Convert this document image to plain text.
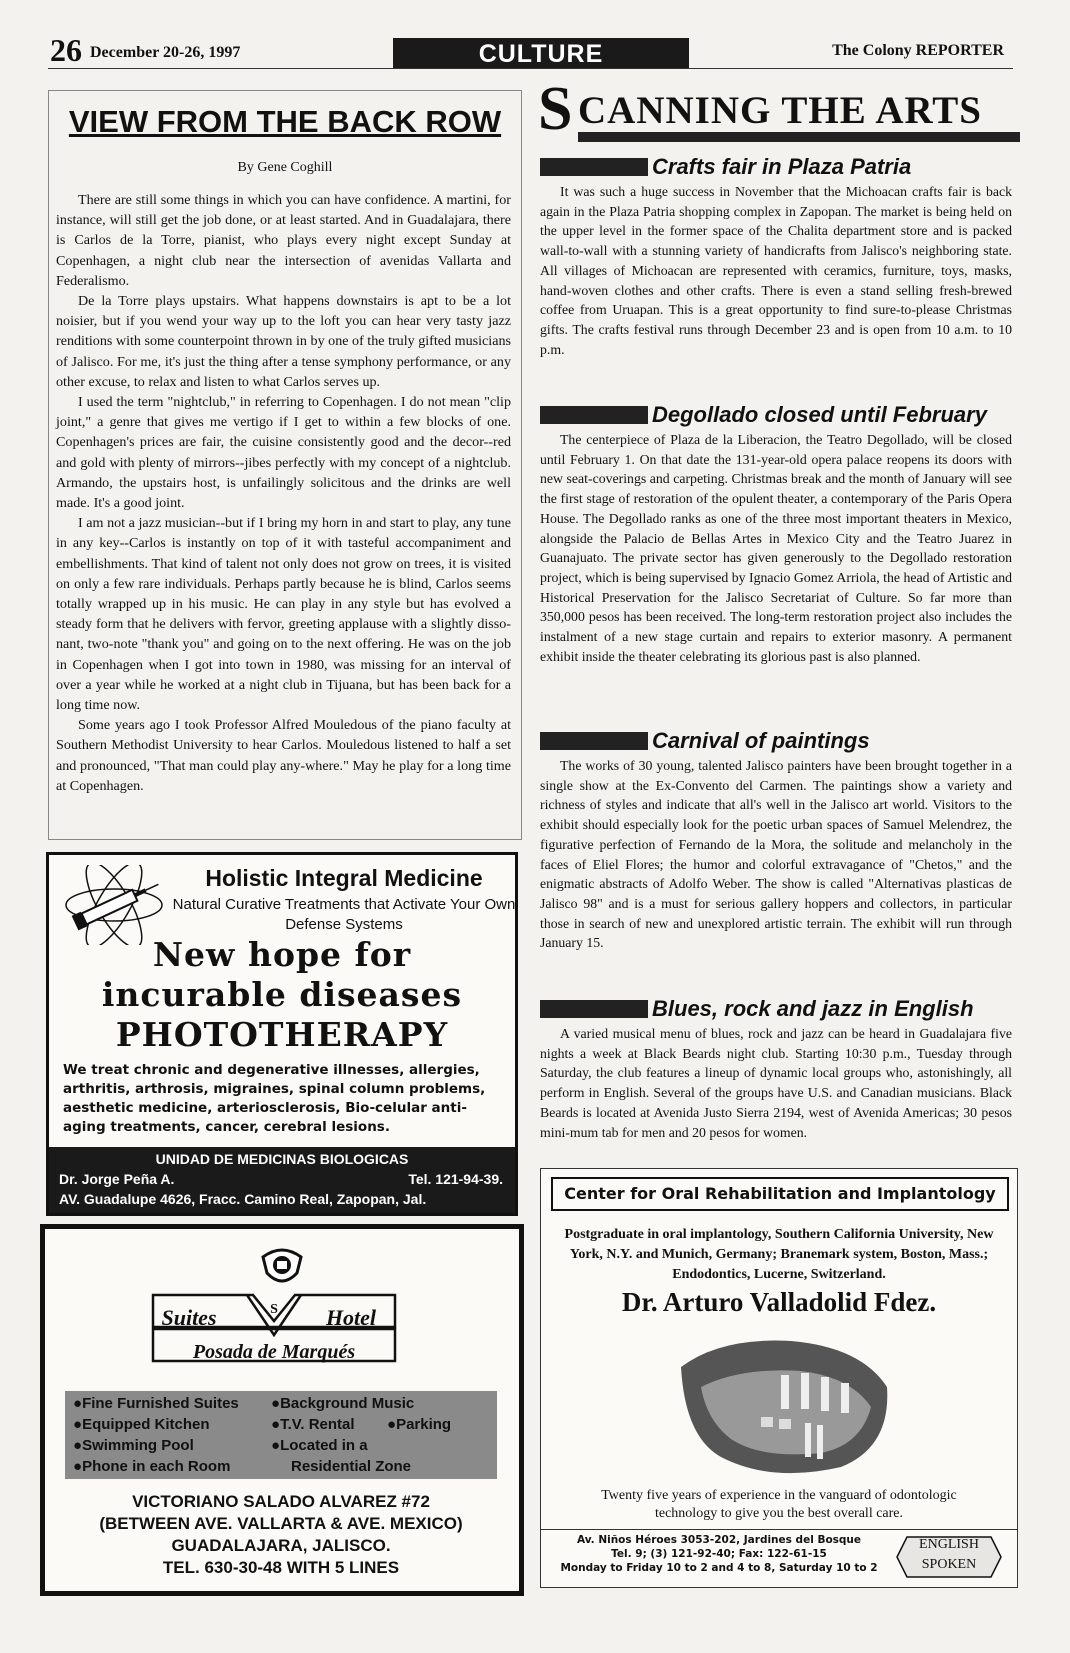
26 December 20-26, 1997	CULTURE	The Colony REPORTER
VIEW FROM THE BACK ROW
By Gene Coghill

There are still some things in which you can have confidence. A martini, for instance, will still get the job done, or at least started. And in Guadalajara, there is Carlos de la Torre, pianist, who plays every night except Sunday at Copenhagen, a night club near the intersection of avenidas Vallarta and Federalismo.

De la Torre plays upstairs. What happens downstairs is apt to be a lot noisier, but if you wend your way up to the loft you can hear very tasty jazz renditions with some counterpoint thrown in by one of the truly gifted musicians of Jalisco. For me, it's just the thing after a tense symphony performance, or any other excuse, to relax and listen to what Carlos serves up.

I used the term "nightclub," in referring to Copenhagen. I do not mean "clip joint," a genre that gives me vertigo if I get to within a few blocks of one. Copenhagen's prices are fair, the cuisine consistently good and the decor--red and gold with plenty of mirrors--jibes perfectly with my concept of a nightclub. Armando, the upstairs host, is unfailingly solicitous and the drinks are well made. It's a good joint.

I am not a jazz musician--but if I bring my horn in and start to play, any tune in any key--Carlos is instantly on top of it with tasteful accompaniment and embellishments. That kind of talent not only does not grow on trees, it is visited on only a few rare individuals. Perhaps partly because he is blind, Carlos seems totally wrapped up in his music. He can play in any style but has evolved a steady form that he delivers with fervor, greeting applause with a slightly disso-nant, two-note "thank you" and going on to the next offering. He was on the job in Copenhagen when I got into town in 1980, was missing for an interval of over a year while he worked at a night club in Tijuana, but has been back for a long time now.

Some years ago I took Professor Alfred Mouledous of the piano faculty at Southern Methodist University to hear Carlos. Mouledous listened to half a set and pronounced, "That man could play any-where." May he play for a long time at Copenhagen.

Holistic Integral Medicine
Natural Curative Treatments that Activate Your Own Defense Systems
New hope for incurable diseases
PHOTOTHERAPY
We treat chronic and degenerative illnesses, allergies, arthritis, arthrosis, migraines, spinal column problems, aesthetic medicine, arteriosclerosis, Bio-celular anti-aging treatments, cancer, cerebral lesions.
UNIDAD DE MEDICINAS BIOLOGICAS
Dr. Jorge Peña A.	Tel. 121-94-39.
AV. Guadalupe 4626, Fracc. Camino Real, Zapopan, Jal.
S
Suites	Hotel
Posada de Marqués
● Fine Furnished Suites
● Equipped Kitchen
● Swimming Pool
● Phone in each Room
● Background Music
● T.V. Rental
●	Parking
● Located in a
Residential Zone
VICTORIANO SALADO ALVAREZ #72
(BETWEEN AVE. VALLARTA & AVE. MEXICO)
GUADALAJARA, JALISCO.
TEL. 630-30-48 WITH 5 LINES
S CANNING THE ARTS
Crafts fair in Plaza Patria

It was such a huge success in November that the Michoacan crafts fair is back again in the Plaza Patria shopping complex in Zapopan. The market is being held on the upper level in the former space of the Chalita department store and is packed wall-to-wall with a stunning variety of handicrafts from Jalisco's neighboring state. All villages of Michoacan are represented with ceramics, furniture, toys, masks, hand-woven clothes and other crafts. There is even a stand selling fresh-brewed coffee from Uruapan. This is a great opportunity to find sure-to-please Christmas gifts. The crafts festival runs through December 23 and is open from 10 a.m. to 10 p.m.

Degollado closed until February

The centerpiece of Plaza de la Liberacion, the Teatro Degollado, will be closed until February 1. On that date the 131-year-old opera palace reopens its doors with new seat-coverings and carpeting. Christmas break and the month of January will see the first stage of restoration of the opulent theater, a contemporary of the Paris Opera House. The Degollado ranks as one of the three most important theaters in Mexico, alongside the Palacio de Bellas Artes in Mexico City and the Teatro Juarez in Guanajuato. The private sector has given generously to the Degollado restoration project, which is being supervised by Ignacio Gomez Arriola, the head of Artistic and Historical Preservation for the Jalisco Secretariat of Culture. So far more than 350,000 pesos has been received. The long-term restoration project also includes the instalment of a new stage curtain and repairs to exterior masonry. A permanent exhibit inside the theater celebrating its glorious past is also planned.

Carnival of paintings

The works of 30 young, talented Jalisco painters have been brought together in a single show at the Ex-Convento del Carmen. The paintings show a variety and richness of styles and indicate that all's well in the Jalisco art world. Visitors to the exhibit should especially look for the poetic urban spaces of Samuel Melendrez, the figurative perfection of Fernando de la Mora, the solitude and melancholy in the faces of Eliel Flores; the humor and colorful extravagance of "Chetos," and the enigmatic abstracts of Adolfo Weber. The show is called "Alternativas plasticas de Jalisco 98" and is a must for serious gallery hoppers and collectors, in particular those in search of new and unexplored artistic terrain. The exhibit will run through January 15.

Blues, rock and jazz in English

A varied musical menu of blues, rock and jazz can be heard in Guadalajara five nights a week at Black Beards night club. Starting 10:30 p.m., Tuesday through Saturday, the club features a lineup of dynamic local groups who, astonishingly, all perform in English. Several of the groups have U.S. and Canadian musicians. Black Beards is located at Avenida Justo Sierra 2194, west of Avenida Americas; 30 pesos mini-mum tab for men and 20 pesos for women.

Center for Oral Rehabilitation and Implantology
Postgraduate in oral implantology, Southern California University, New York, N.Y. and Munich, Germany; Branemark system, Boston, Mass.; Endodontics, Lucerne, Switzerland.
Dr. Arturo Valladolid Fdez.
Twenty five years of experience in the vanguard of odontologic technology to give you the best overall care.
Av. Niños Héroes 3053-202, Jardines del Bosque
Tel. 9; (3) 121-92-40; Fax: 122-61-15
Monday to Friday 10 to 2 and 4 to 8, Saturday 10 to 2
ENGLISH SPOKEN
